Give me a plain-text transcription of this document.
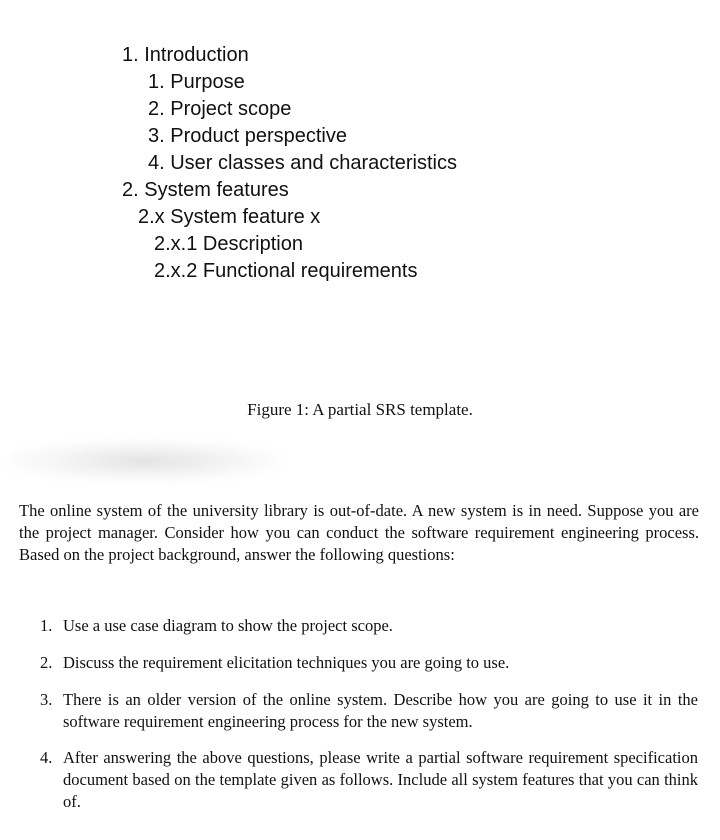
1. Introduction
1. Purpose
2. Project scope
3. Product perspective
4. User classes and characteristics
2. System features
2.x System feature x
2.x.1 Description
2.x.2 Functional requirements
Figure 1: A partial SRS template.

The online system of the university library is out-of-date. A new system is in need. Suppose you are the project manager. Consider how you can conduct the software requirement engineering process. Based on the project background, answer the following questions:

1. Use a use case diagram to show the project scope.
2. Discuss the requirement elicitation techniques you are going to use.
3. There is an older version of the online system. Describe how you are going to use it in the software requirement engineering process for the new system.
4. After answering the above questions, please write a partial software requirement specification document based on the template given as follows. Include all system features that you can think of.
